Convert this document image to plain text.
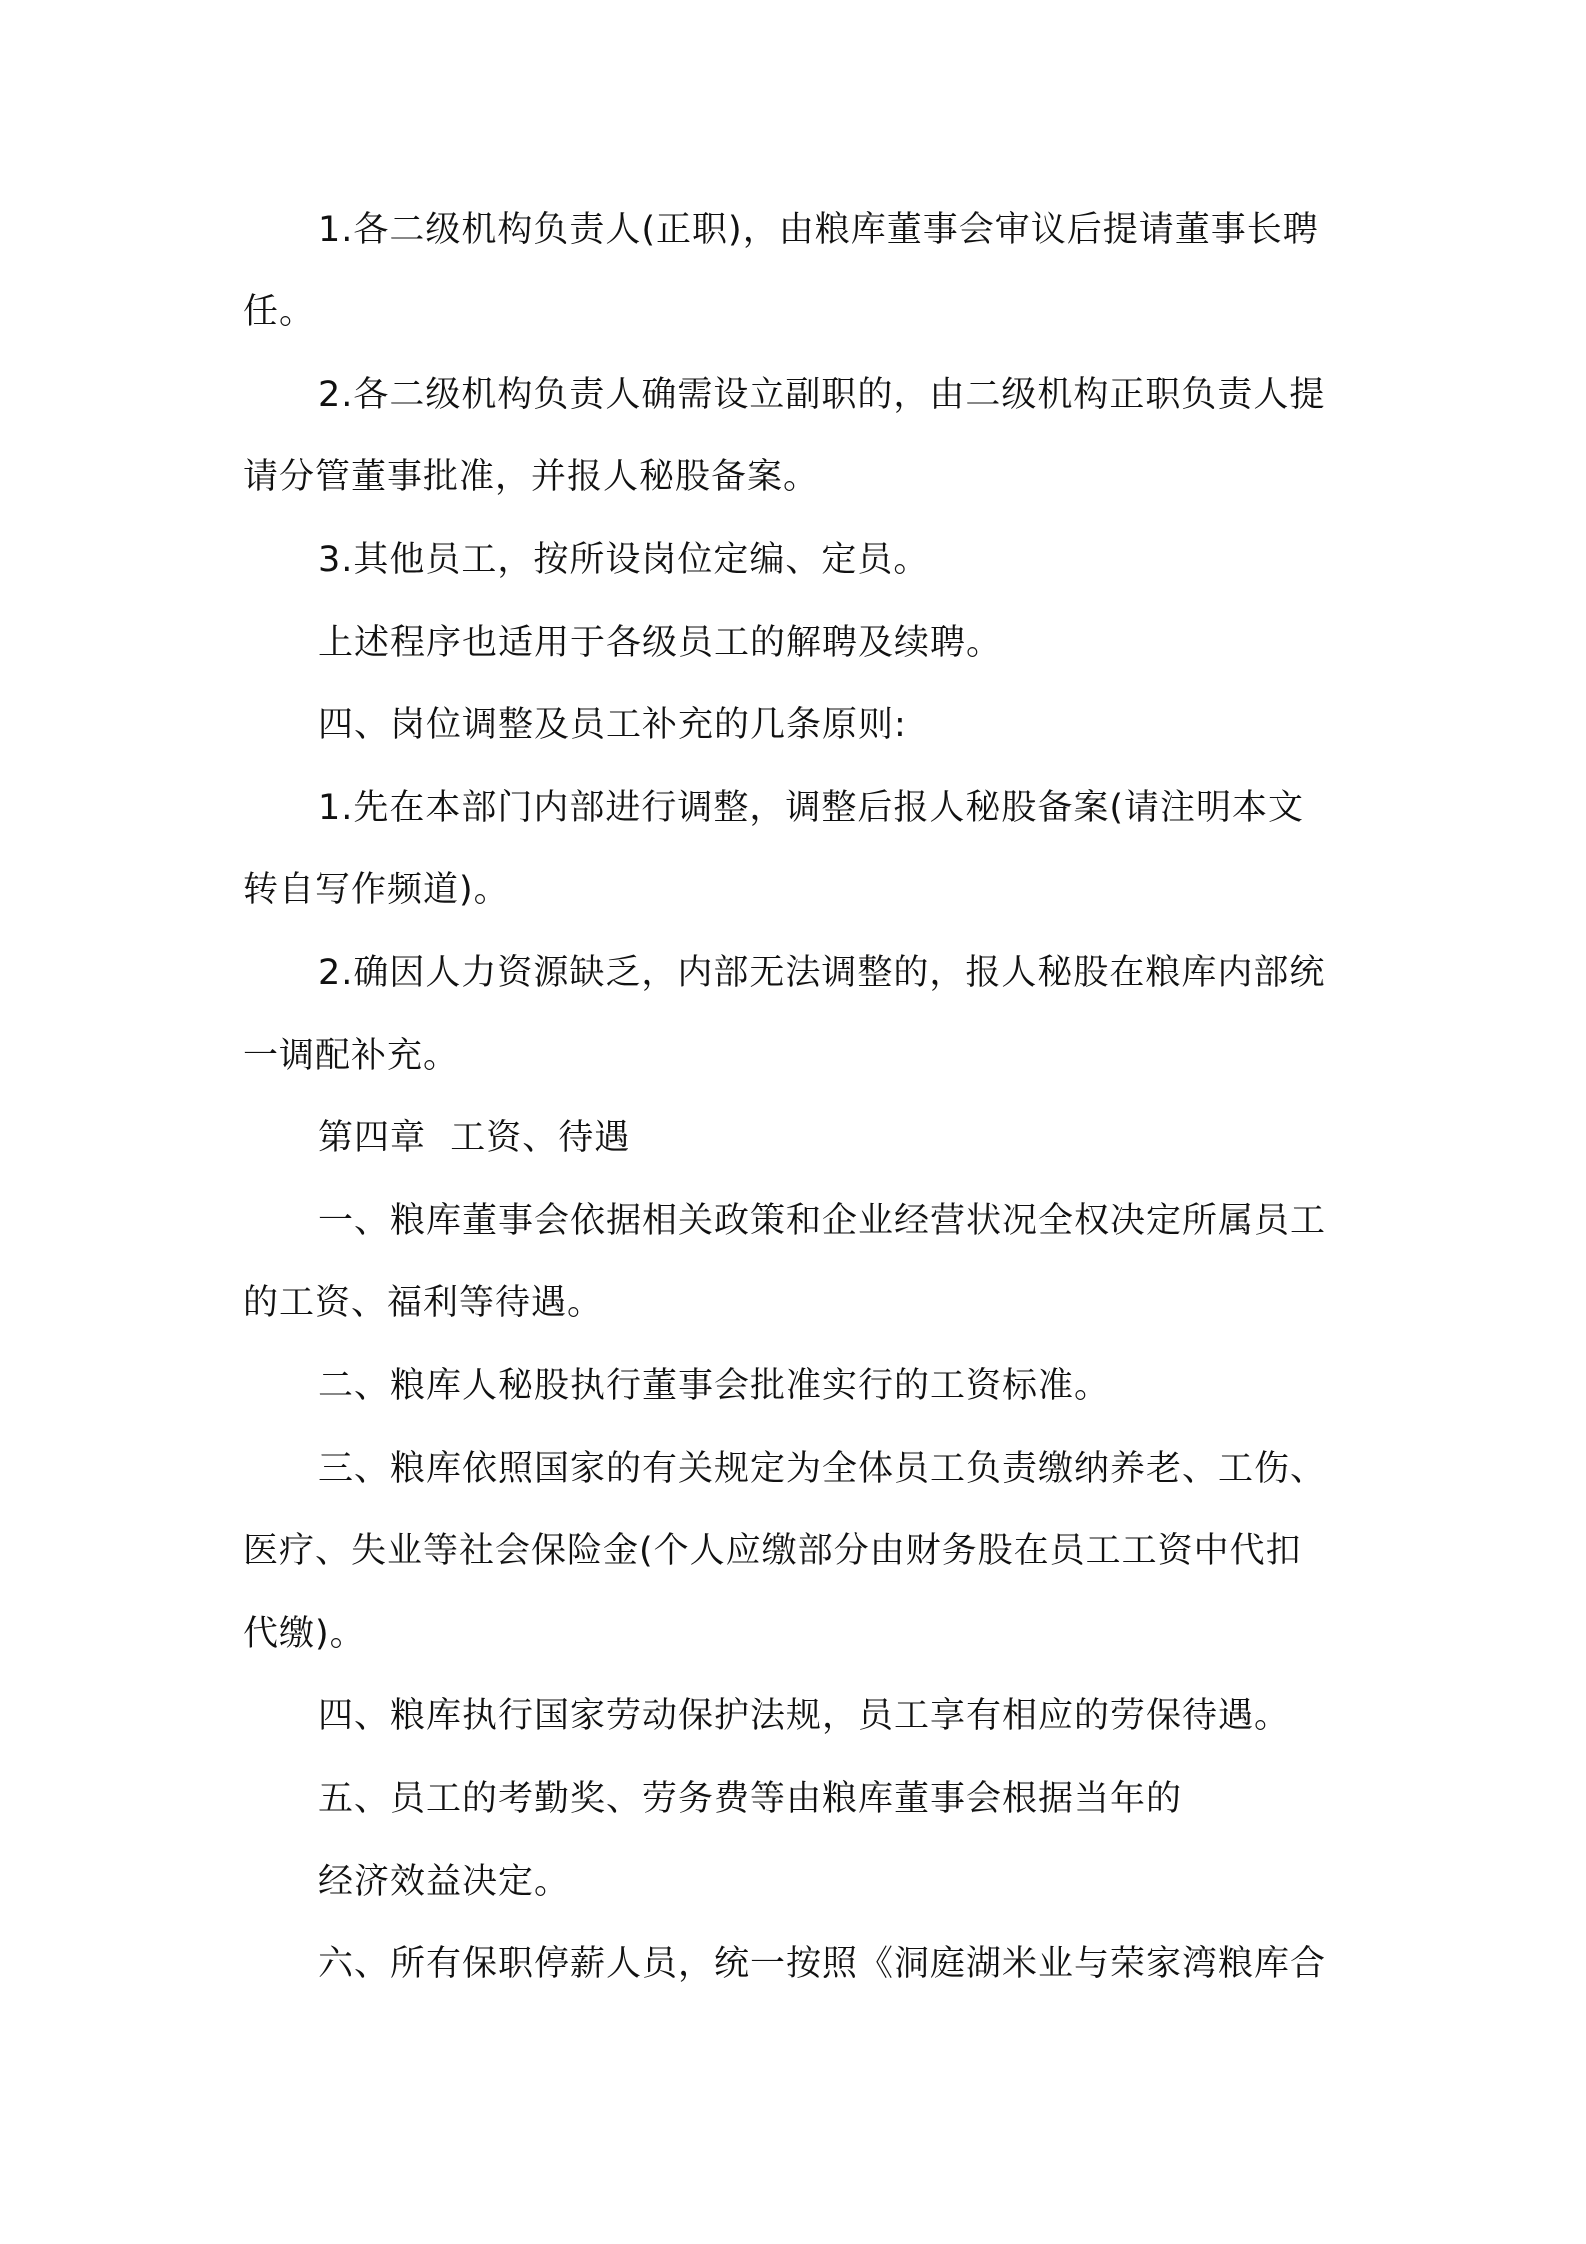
1.各二级机构负责人(正职)，由粮库董事会审议后提请董事长聘
任。
2.各二级机构负责人确需设立副职的，由二级机构正职负责人提
请分管董事批准，并报人秘股备案。
3.其他员工，按所设岗位定编、定员。
上述程序也适用于各级员工的解聘及续聘。
四、岗位调整及员工补充的几条原则:
1.先在本部门内部进行调整，调整后报人秘股备案(请注明本文
转自写作频道)。
2.确因人力资源缺乏，内部无法调整的，报人秘股在粮库内部统
一调配补充。
第四章  工资、待遇
一、粮库董事会依据相关政策和企业经营状况全权决定所属员工
的工资、福利等待遇。
二、粮库人秘股执行董事会批准实行的工资标准。
三、粮库依照国家的有关规定为全体员工负责缴纳养老、工伤、
医疗、失业等社会保险金(个人应缴部分由财务股在员工工资中代扣
代缴)。
四、粮库执行国家劳动保护法规，员工享有相应的劳保待遇。
五、员工的考勤奖、劳务费等由粮库董事会根据当年的
经济效益决定。
六、所有保职停薪人员，统一按照《洞庭湖米业与荣家湾粮库合
